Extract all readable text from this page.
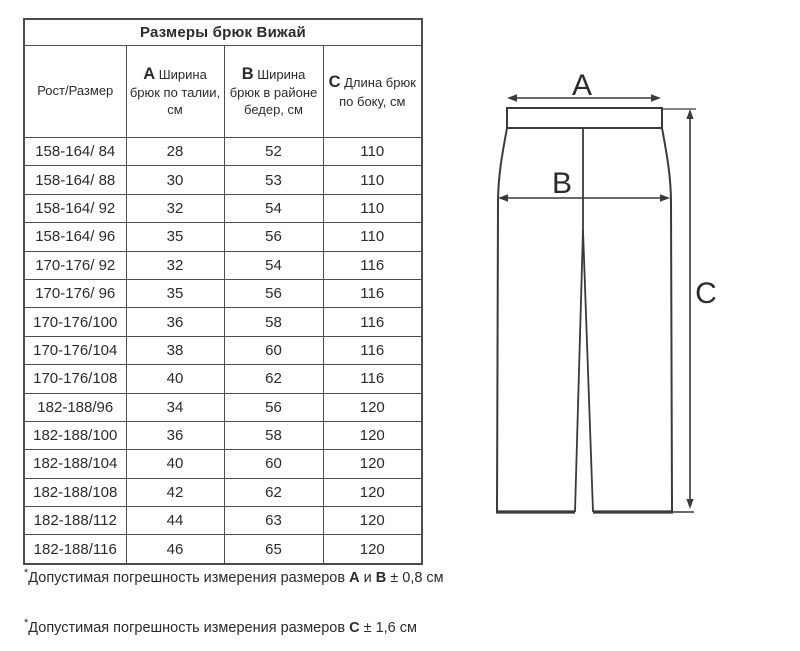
Размеры брюк Вижай			
Рост/Размер	A Ширина брюк по талии, см	B Ширина брюк в районе бедер, см	C Длина брюк по боку, см
158-164/ 84	28	52	110
158-164/ 88	30	53	110
158-164/ 92	32	54	110
158-164/ 96	35	56	110
170-176/ 92	32	54	116
170-176/ 96	35	56	116
170-176/100	36	58	116
170-176/104	38	60	116
170-176/108	40	62	116
182-188/96	34	56	120
182-188/100	36	58	120
182-188/104	40	60	120
182-188/108	42	62	120
182-188/112	44	63	120
182-188/116	46	65	120
A
B
C
*Допустимая погрешность измерения размеров А и В ± 0,8 см
*Допустимая погрешность измерения размеров С ± 1,6 см
